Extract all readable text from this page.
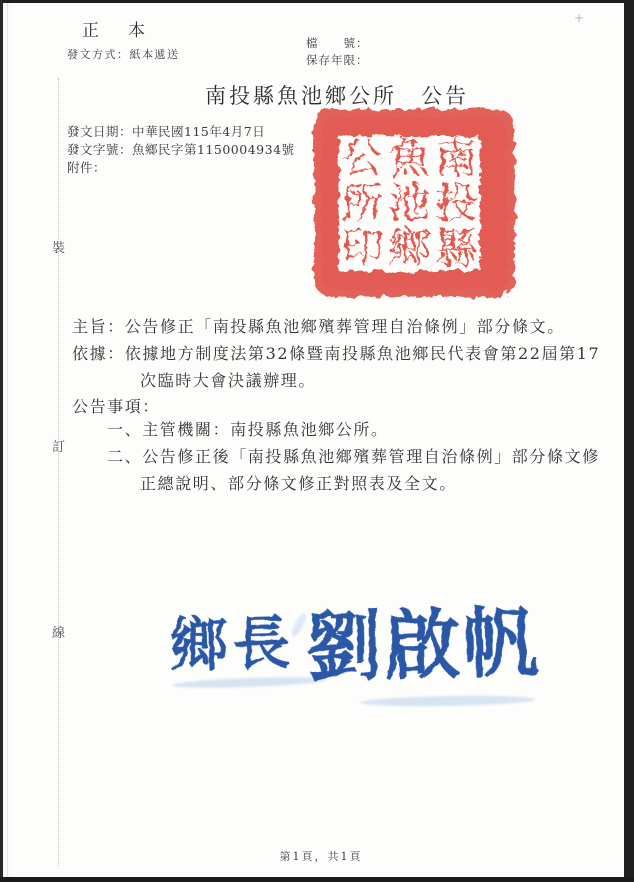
+
正　本
發文方式：紙本遞送
檔　　號：
保存年限：
南投縣魚池鄉公所　公告
發文日期：中華民國115年4月7日
發文字號：魚鄉民字第1150004934號
附件：	南
投
縣
魚
池
鄉
公
所
印
主旨：公告修正「南投縣魚池鄉殯葬管理自治條例」部分條文。
依據：依據地方制度法第32條暨南投縣魚池鄉民代表會第22屆第17
次臨時大會決議辦理。
公告事項：
一、主管機關：南投縣魚池鄉公所。
二、公告修正後「南投縣魚池鄉殯葬管理自治條例」部分條文修
正總說明、部分條文修正對照表及全文。
裝
訂
線 鄉長 劉啟帆
第1頁，共1頁
